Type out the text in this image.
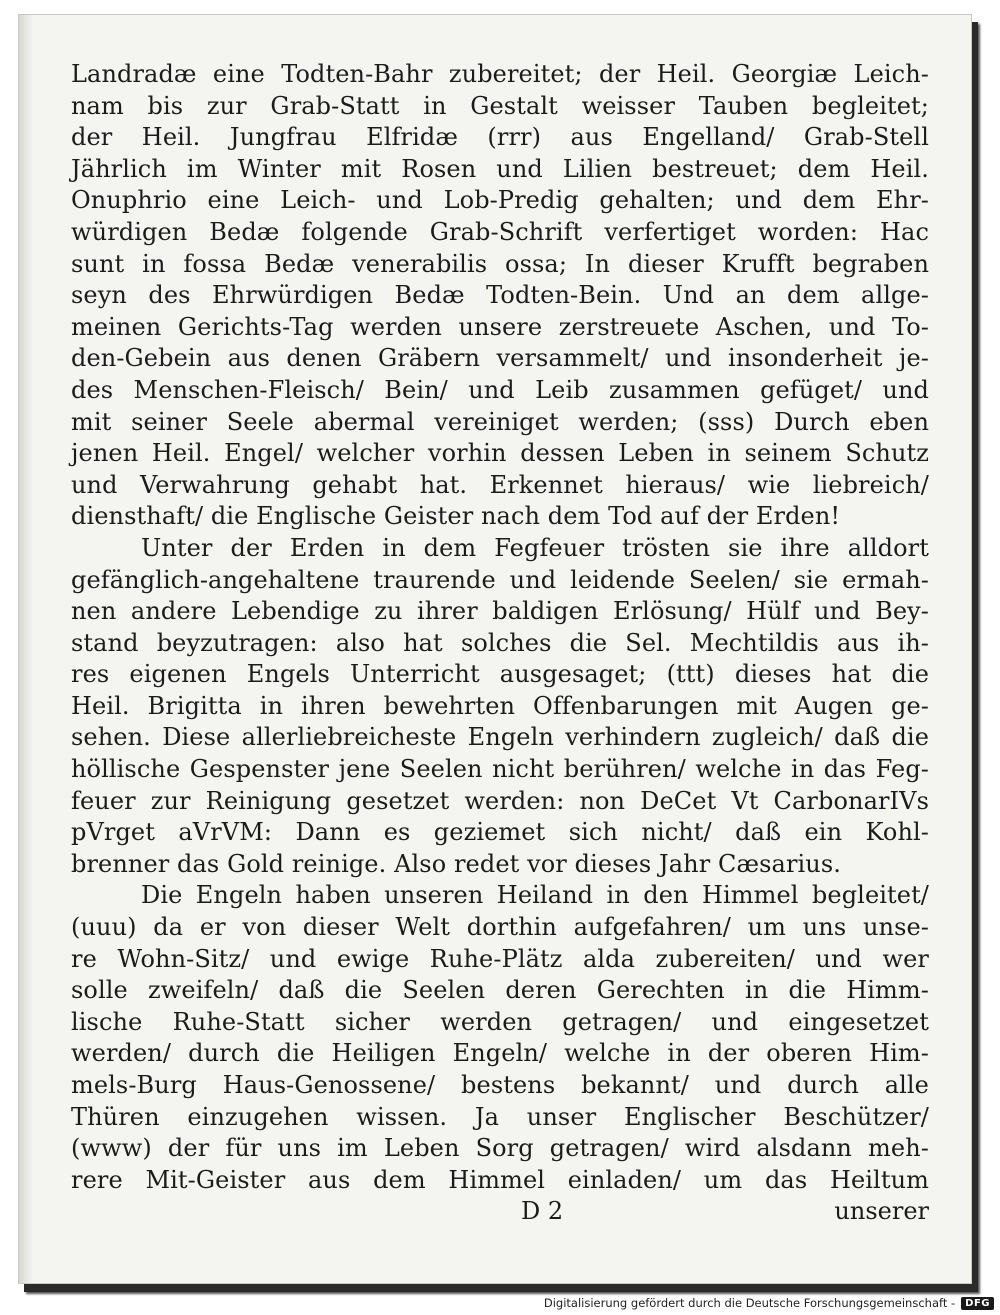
Landradæ eine Todten-Bahr zubereitet; der Heil. Georgiæ Leich-
nam bis zur Grab-Statt in Gestalt weisser Tauben begleitet;
der Heil. Jungfrau Elfridæ (rrr) aus Engelland/ Grab-Stell
Jährlich im Winter mit Rosen und Lilien bestreuet; dem Heil.
Onuphrio eine Leich- und Lob-Predig gehalten; und dem Ehr-
würdigen Bedæ folgende Grab-Schrift verfertiget worden: Hac
sunt in fossa Bedæ venerabilis ossa; In dieser Krufft begraben
seyn des Ehrwürdigen Bedæ Todten-Bein. Und an dem allge-
meinen Gerichts-Tag werden unsere zerstreuete Aschen, und To-
den-Gebein aus denen Gräbern versammelt/ und insonderheit je-
des Menschen-Fleisch/ Bein/ und Leib zusammen gefüget/ und
mit seiner Seele abermal vereiniget werden; (sss) Durch eben
jenen Heil. Engel/ welcher vorhin dessen Leben in seinem Schutz
und Verwahrung gehabt hat. Erkennet hieraus/ wie liebreich/
diensthaft/ die Englische Geister nach dem Tod auf der Erden!
Unter der Erden in dem Fegfeuer trösten sie ihre alldort
gefänglich-angehaltene traurende und leidende Seelen/ sie ermah-
nen andere Lebendige zu ihrer baldigen Erlösung/ Hülf und Bey-
stand beyzutragen: also hat solches die Sel. Mechtildis aus ih-
res eigenen Engels Unterricht ausgesaget; (ttt) dieses hat die
Heil. Brigitta in ihren bewehrten Offenbarungen mit Augen ge-
sehen. Diese allerliebreicheste Engeln verhindern zugleich/ daß die
höllische Gespenster jene Seelen nicht berühren/ welche in das Feg-
feuer zur Reinigung gesetzet werden: non DeCet Vt CarbonarIVs
pVrget aVrVM: Dann es geziemet sich nicht/ daß ein Kohl-
brenner das Gold reinige. Also redet vor dieses Jahr Cæsarius.
Die Engeln haben unseren Heiland in den Himmel begleitet/
(uuu) da er von dieser Welt dorthin aufgefahren/ um uns unse-
re Wohn-Sitz/ und ewige Ruhe-Plätz alda zubereiten/ und wer
solle zweifeln/ daß die Seelen deren Gerechten in die Himm-
lische Ruhe-Statt sicher werden getragen/ und eingesetzet
werden/ durch die Heiligen Engeln/ welche in der oberen Him-
mels-Burg Haus-Genossene/ bestens bekannt/ und durch alle
Thüren einzugehen wissen. Ja unser Englischer Beschützer/
(www) der für uns im Leben Sorg getragen/ wird alsdann meh-
rere Mit-Geister aus dem Himmel einladen/ um das Heiltum
D 2	unserer
Digitalisierung gefördert durch die Deutsche Forschungsgemeinschaft -	DFG
